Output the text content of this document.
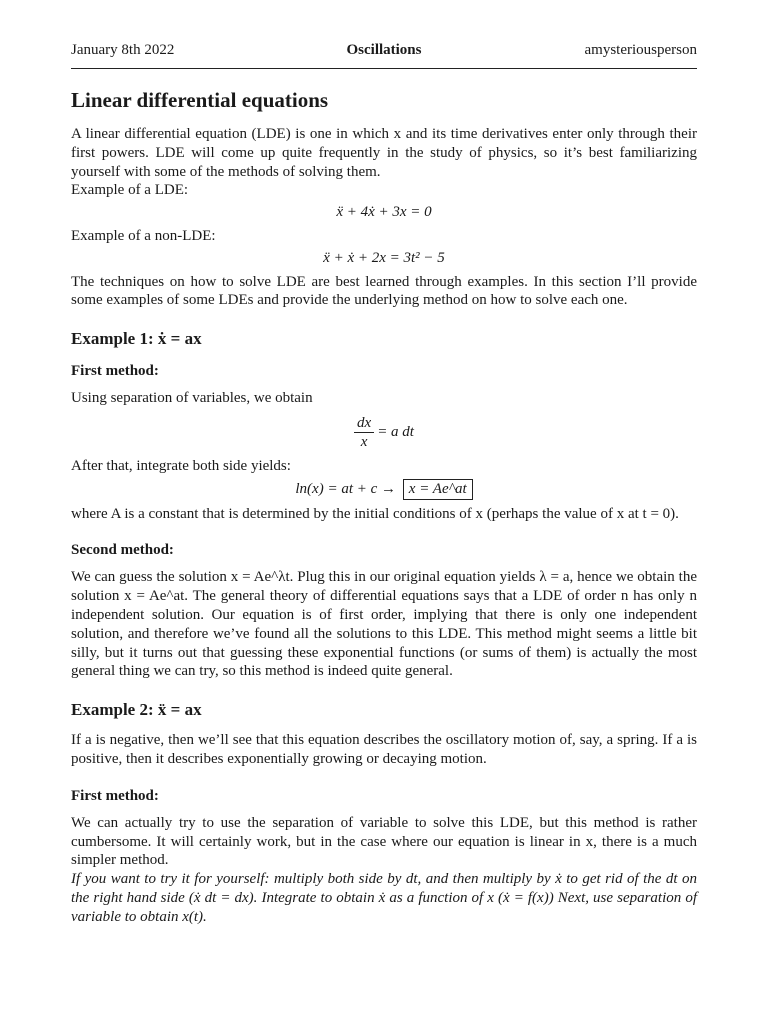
January 8th 2022	Oscillations	amysteriousperson
Linear differential equations

A linear differential equation (LDE) is one in which x and its time derivatives enter only through their first powers. LDE will come up quite frequently in the study of physics, so it’s best familiarizing yourself with some of the methods of solving them.

Example of a LDE:

ẍ + 4ẋ + 3x = 0

Example of a non-LDE:

ẍ + ẋ + 2x = 3t² − 5

The techniques on how to solve LDE are best learned through examples. In this section I’ll provide some examples of some LDEs and provide the underlying method on how to solve each one.

Example 1: ẋ = ax
First method:

Using separation of variables, we obtain

$\frac{dx}{x} = a$ dt

After that, integrate both side yields:

ln(x) = at + c → x = Ae^at

where A is a constant that is determined by the initial conditions of x (perhaps the value of x at t = 0).

Second method:

We can guess the solution x = Ae^λt. Plug this in our original equation yields λ = a, hence we obtain the solution x = Ae^at. The general theory of differential equations says that a LDE of order n has only n independent solution. Our equation is of first order, implying that there is only one independent solution, and therefore we’ve found all the solutions to this LDE. This method might seems a little bit silly, but it turns out that guessing these exponential functions (or sums of them) is actually the most general thing we can try, so this method is indeed quite general.

Example 2: ẍ = ax

If a is negative, then we’ll see that this equation describes the oscillatory motion of, say, a spring. If a is positive, then it describes exponentially growing or decaying motion.

First method:

We can actually try to use the separation of variable to solve this LDE, but this method is rather cumbersome. It will certainly work, but in the case where our equation is linear in x, there is a much simpler method.

If you want to try it for yourself: multiply both side by dt, and then multiply by ẋ to get rid of the dt on the right hand side (ẋ dt = dx). Integrate to obtain ẋ as a function of x (ẋ = f(x)) Next, use separation of variable to obtain x(t).
